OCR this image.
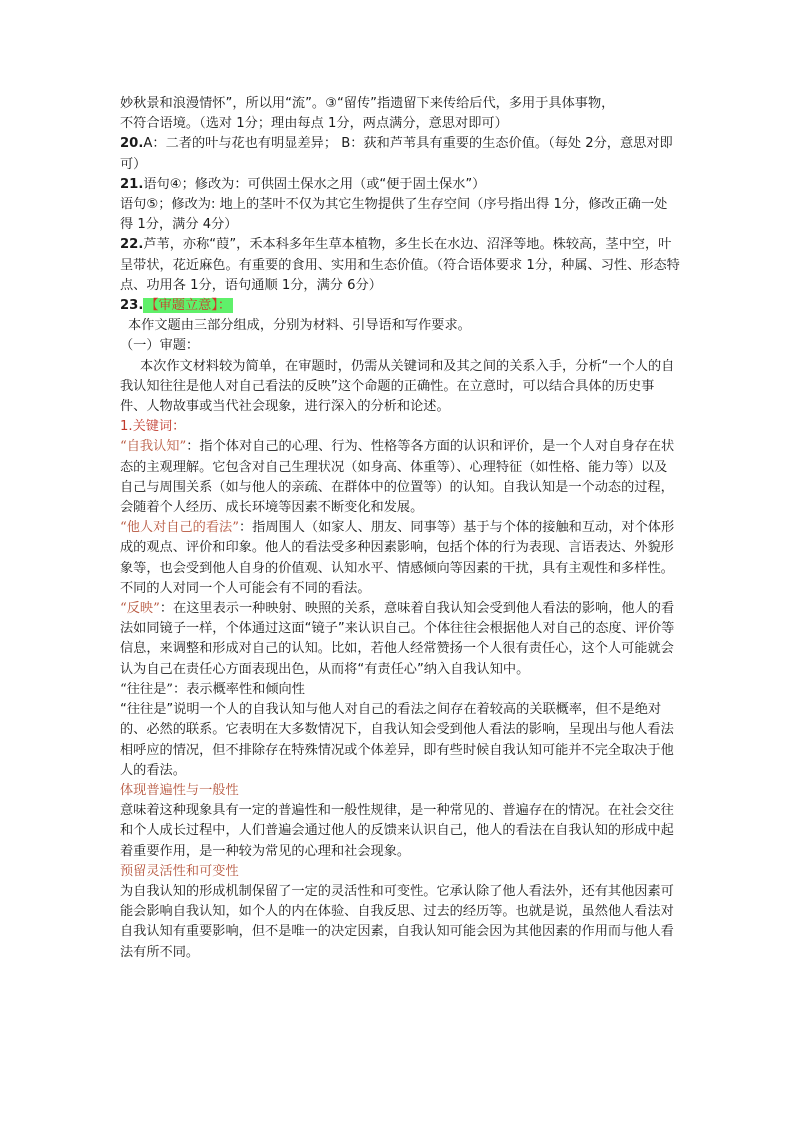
妙秋景和浪漫情怀”，所以用“流”。③“留传”指遗留下来传给后代，多用于具体事物，

不符合语境。（选对 1分；理由每点 1分，两点满分，意思对即可）

20.A：二者的叶与花也有明显差异； B：荻和芦苇具有重要的生态价值。（每处 2分，意思对即可）

21.语句④；修改为：可供固土保水之用（或“便于固土保水”）

语句⑤；修改为: 地上的茎叶不仅为其它生物提供了生存空间（序号指出得 1分，修改正确一处得 1分，满分 4分）

22.芦苇，亦称“葭”，禾本科多年生草本植物，多生长在水边、沼泽等地。株较高，茎中空，叶呈带状，花近麻色。有重要的食用、实用和生态价值。（符合语体要求 1分，种属、习性、形态特点、功用各 1分，语句通顺 1分，满分 6分）

23. 【审题立意】：

本作文题由三部分组成，分别为材料、引导语和写作要求。

（一）审题：

本次作文材料较为简单，在审题时，仍需从关键词和及其之间的关系入手，分析“一个人的自我认知往往是他人对自己看法的反映”这个命题的正确性。在立意时，可以结合具体的历史事件、人物故事或当代社会现象，进行深入的分析和论述。

1.关键词：

“自我认知”：指个体对自己的心理、行为、性格等各方面的认识和评价，是一个人对自身存在状态的主观理解。它包含对自己生理状况（如身高、体重等）、心理特征（如性格、能力等）以及自己与周围关系（如与他人的亲疏、在群体中的位置等）的认知。自我认知是一个动态的过程，会随着个人经历、成长环境等因素不断变化和发展。

“他人对自己的看法”：指周围人（如家人、朋友、同事等）基于与个体的接触和互动，对个体形成的观点、评价和印象。他人的看法受多种因素影响，包括个体的行为表现、言语表达、外貌形象等，也会受到他人自身的价值观、认知水平、情感倾向等因素的干扰，具有主观性和多样性。不同的人对同一个人可能会有不同的看法。

“反映”：在这里表示一种映射、映照的关系，意味着自我认知会受到他人看法的影响，他人的看法如同镜子一样，个体通过这面“镜子”来认识自己。个体往往会根据他人对自己的态度、评价等信息，来调整和形成对自己的认知。比如，若他人经常赞扬一个人很有责任心，这个人可能就会认为自己在责任心方面表现出色，从而将“有责任心”纳入自我认知中。

“往往是”：表示概率性和倾向性

“往往是”说明一个人的自我认知与他人对自己的看法之间存在着较高的关联概率，但不是绝对的、必然的联系。它表明在大多数情况下，自我认知会受到他人看法的影响，呈现出与他人看法相呼应的情况，但不排除存在特殊情况或个体差异，即有些时候自我认知可能并不完全取决于他人的看法。

体现普遍性与一般性

意味着这种现象具有一定的普遍性和一般性规律，是一种常见的、普遍存在的情况。在社会交往和个人成长过程中，人们普遍会通过他人的反馈来认识自己，他人的看法在自我认知的形成中起着重要作用，是一种较为常见的心理和社会现象。

预留灵活性和可变性

为自我认知的形成机制保留了一定的灵活性和可变性。它承认除了他人看法外，还有其他因素可能会影响自我认知，如个人的内在体验、自我反思、过去的经历等。也就是说，虽然他人看法对自我认知有重要影响，但不是唯一的决定因素，自我认知可能会因为其他因素的作用而与他人看法有所不同。
